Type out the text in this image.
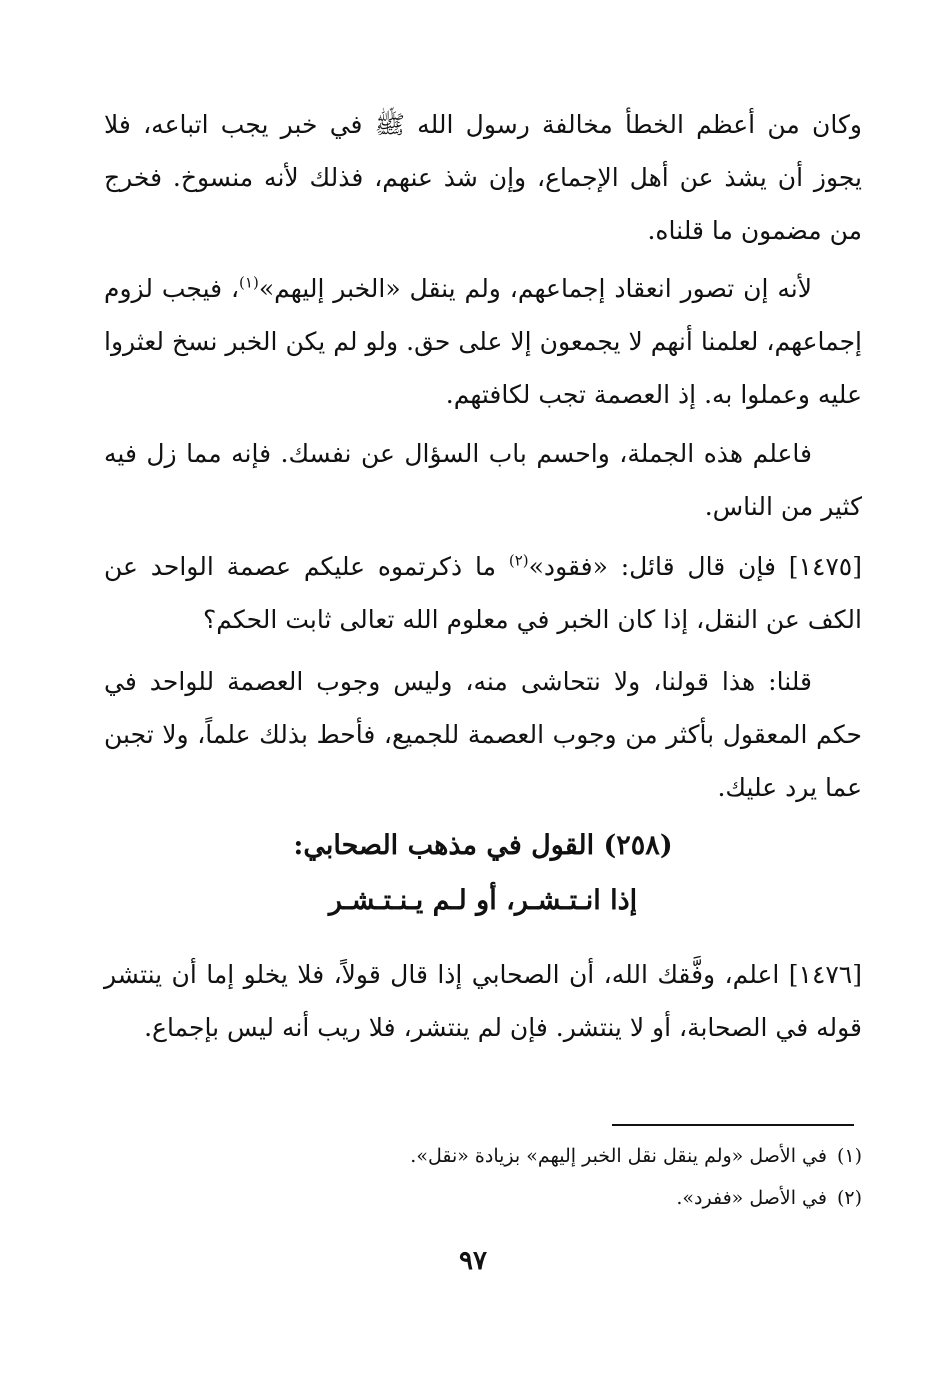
وكان من أعظم الخطأ مخالفة رسول الله ﷺ في خبر يجب اتباعه، فلا يجوز أن يشذ عن أهل الإجماع، وإن شذ عنهم، فذلك لأنه منسوخ. فخرج من مضمون ما قلناه.

لأنه إن تصور انعقاد إجماعهم، ولم ينقل «الخبر إليهم»$^{(١)}$، فيجب لزوم إجماعهم، لعلمنا أنهم لا يجمعون إلا على حق. ولو لم يكن الخبر نسخ لعثروا عليه وعملوا به. إذ العصمة تجب لكافتهم.

فاعلم هذه الجملة، واحسم باب السؤال عن نفسك. فإنه مما زل فيه كثير من الناس.

[١٤٧٥] فإن قال قائل: «فقود»$^{(٢)}$ ما ذكرتموه عليكم عصمة الواحد عن الكف عن النقل، إذا كان الخبر في معلوم الله تعالى ثابت الحكم؟

قلنا: هذا قولنا، ولا نتحاشى منه، وليس وجوب العصمة للواحد في حكم المعقول بأكثر من وجوب العصمة للجميع، فأحط بذلك علماً، ولا تجبن عما يرد عليك.

(٢٥٨) القول في مذهب الصحابي:
إذا انـتـشـر، أو لـم يـنـتـشـر

[١٤٧٦] اعلم، وفَّقك الله، أن الصحابي إذا قال قولاً، فلا يخلو إما أن ينتشر قوله في الصحابة، أو لا ينتشر. فإن لم ينتشر، فلا ريب أنه ليس بإجماع.

(١)في الأصل «ولم ينقل نقل الخبر إليهم» بزيادة «نقل».
(٢)في الأصل «ففرد».
٩٧
